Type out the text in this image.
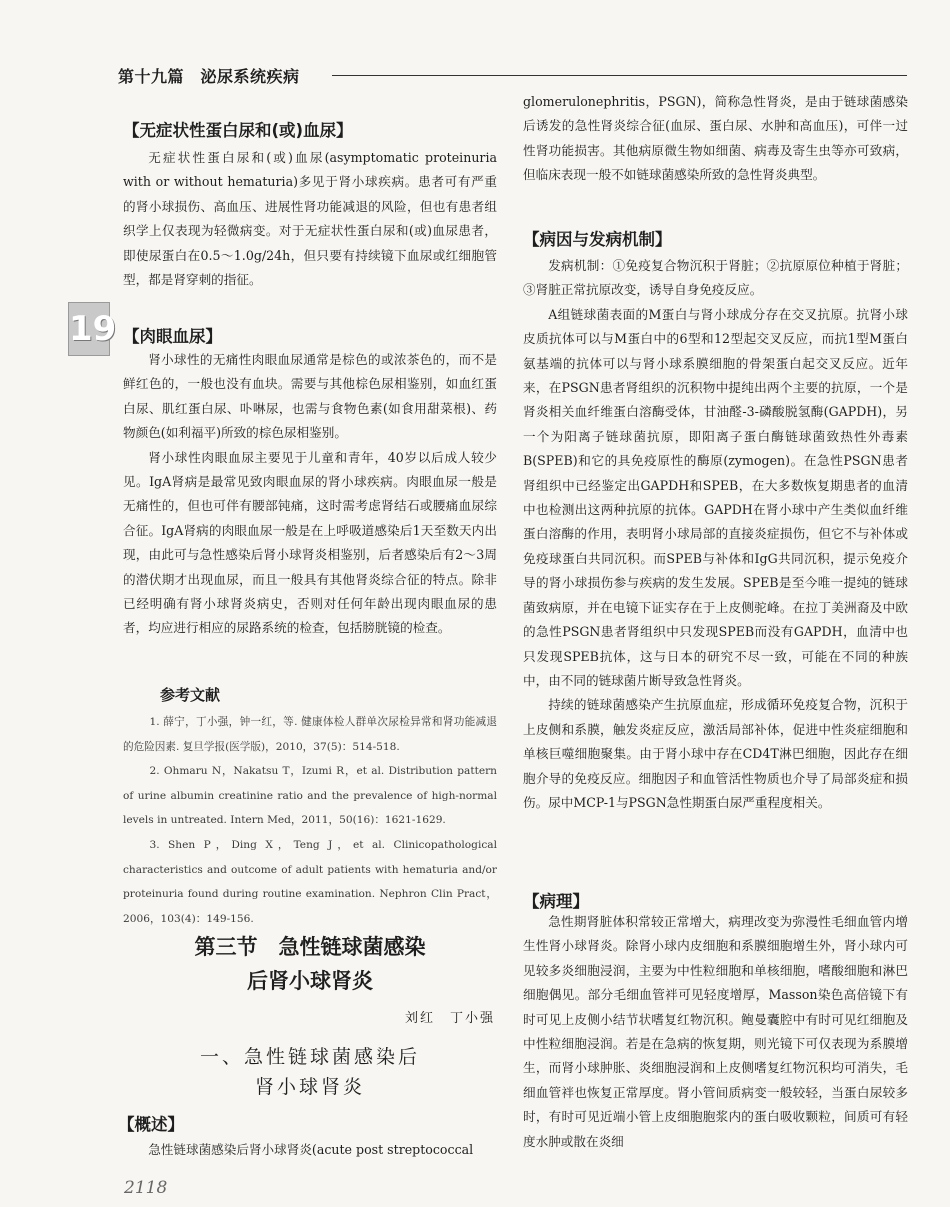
第十九篇　泌尿系统疾病
19
【无症状性蛋白尿和(或)血尿】

无症状性蛋白尿和(或)血尿(asymptomatic proteinuria with or without hematuria)多见于肾小球疾病。患者可有严重的肾小球损伤、高血压、进展性肾功能减退的风险，但也有患者组织学上仅表现为轻微病变。对于无症状性蛋白尿和(或)血尿患者，即使尿蛋白在0.5～1.0g/24h，但只要有持续镜下血尿或红细胞管型，都是肾穿刺的指征。

【肉眼血尿】

肾小球性的无痛性肉眼血尿通常是棕色的或浓茶色的，而不是鲜红色的，一般也没有血块。需要与其他棕色尿相鉴别，如血红蛋白尿、肌红蛋白尿、卟啉尿，也需与食物色素(如食用甜菜根)、药物颜色(如利福平)所致的棕色尿相鉴别。

肾小球性肉眼血尿主要见于儿童和青年，40岁以后成人较少见。IgA肾病是最常见致肉眼血尿的肾小球疾病。肉眼血尿一般是无痛性的，但也可伴有腰部钝痛，这时需考虑肾结石或腰痛血尿综合征。IgA肾病的肉眼血尿一般是在上呼吸道感染后1天至数天内出现，由此可与急性感染后肾小球肾炎相鉴别，后者感染后有2～3周的潜伏期才出现血尿，而且一般具有其他肾炎综合征的特点。除非已经明确有肾小球肾炎病史，否则对任何年龄出现肉眼血尿的患者，均应进行相应的尿路系统的检查，包括膀胱镜的检查。

参考文献

1. 薛宁，丁小强，钟一红，等. 健康体检人群单次尿检异常和肾功能减退的危险因素. 复旦学报(医学版)，2010，37(5)：514-518.

2. Ohmaru N，Nakatsu T，Izumi R，et al. Distribution pattern of urine albumin creatinine ratio and the prevalence of high-normal levels in untreated. Intern Med，2011，50(16)：1621-1629.

3. Shen P，Ding X，Teng J，et al. Clinicopathological characteristics and outcome of adult patients with hematuria and/or proteinuria found during routine examination. Nephron Clin Pract，2006，103(4)：149-156.

第三节　急性链球菌感染
后肾小球肾炎
刘红　丁小强
一、急性链球菌感染后
肾小球肾炎
【概述】

急性链球菌感染后肾小球肾炎(acute post streptococcal

glomerulonephritis，PSGN)，简称急性肾炎，是由于链球菌感染后诱发的急性肾炎综合征(血尿、蛋白尿、水肿和高血压)，可伴一过性肾功能损害。其他病原微生物如细菌、病毒及寄生虫等亦可致病，但临床表现一般不如链球菌感染所致的急性肾炎典型。

【病因与发病机制】

发病机制：①免疫复合物沉积于肾脏；②抗原原位种植于肾脏；③肾脏正常抗原改变，诱导自身免疫反应。

A组链球菌表面的M蛋白与肾小球成分存在交叉抗原。抗肾小球皮质抗体可以与M蛋白中的6型和12型起交叉反应，而抗1型M蛋白氨基端的抗体可以与肾小球系膜细胞的骨架蛋白起交叉反应。近年来，在PSGN患者肾组织的沉积物中提纯出两个主要的抗原，一个是肾炎相关血纤维蛋白溶酶受体，甘油醛-3-磷酸脱氢酶(GAPDH)，另一个为阳离子链球菌抗原，即阳离子蛋白酶链球菌致热性外毒素B(SPEB)和它的具免疫原性的酶原(zymogen)。在急性PSGN患者肾组织中已经鉴定出GAPDH和SPEB，在大多数恢复期患者的血清中也检测出这两种抗原的抗体。GAPDH在肾小球中产生类似血纤维蛋白溶酶的作用，表明肾小球局部的直接炎症损伤，但它不与补体或免疫球蛋白共同沉积。而SPEB与补体和IgG共同沉积，提示免疫介导的肾小球损伤参与疾病的发生发展。SPEB是至今唯一提纯的链球菌致病原，并在电镜下证实存在于上皮侧驼峰。在拉丁美洲裔及中欧的急性PSGN患者肾组织中只发现SPEB而没有GAPDH，血清中也只发现SPEB抗体，这与日本的研究不尽一致，可能在不同的种族中，由不同的链球菌片断导致急性肾炎。

持续的链球菌感染产生抗原血症，形成循环免疫复合物，沉积于上皮侧和系膜，触发炎症反应，激活局部补体，促进中性炎症细胞和单核巨噬细胞聚集。由于肾小球中存在CD4T淋巴细胞，因此存在细胞介导的免疫反应。细胞因子和血管活性物质也介导了局部炎症和损伤。尿中MCP-1与PSGN急性期蛋白尿严重程度相关。

【病理】

急性期肾脏体积常较正常增大，病理改变为弥漫性毛细血管内增生性肾小球肾炎。除肾小球内皮细胞和系膜细胞增生外，肾小球内可见较多炎细胞浸润，主要为中性粒细胞和单核细胞，嗜酸细胞和淋巴细胞偶见。部分毛细血管袢可见轻度增厚，Masson染色高倍镜下有时可见上皮侧小结节状嗜复红物沉积。鲍曼囊腔中有时可见红细胞及中性粒细胞浸润。若是在急病的恢复期，则光镜下可仅表现为系膜增生，而肾小球肿胀、炎细胞浸润和上皮侧嗜复红物沉积均可消失，毛细血管袢也恢复正常厚度。肾小管间质病变一般较轻，当蛋白尿较多时，有时可见近端小管上皮细胞胞浆内的蛋白吸收颗粒，间质可有轻度水肿或散在炎细

2118
